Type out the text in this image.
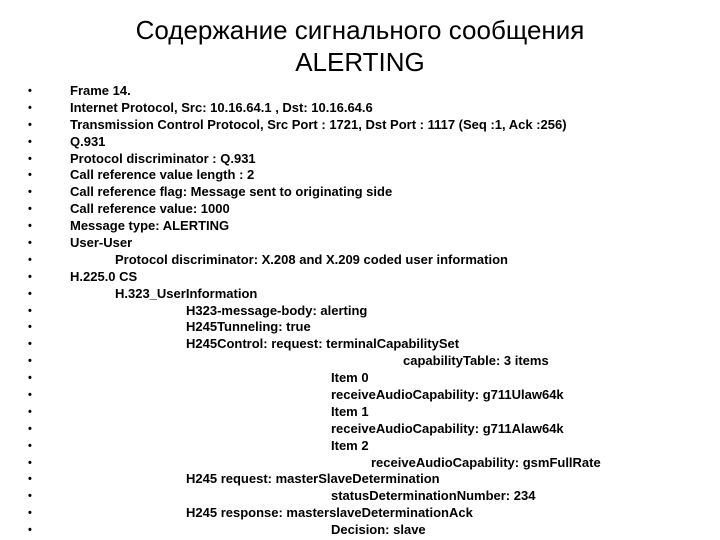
Содержание сигнального сообщения
ALERTING
•	Frame 14.
•	Internet Protocol, Src: 10.16.64.1 , Dst: 10.16.64.6
•	Transmission Control Protocol, Src Port : 1721, Dst Port : 1117 (Seq :1, Ack :256)
•	Q.931
•	Protocol discriminator : Q.931
•	Call reference value length : 2
•	Call reference flag: Message sent to originating side
•	Call reference value: 1000
•	Message type: ALERTING
•	User-User
•	Protocol discriminator: X.208 and X.209 coded user information
•	H.225.0 CS
•	H.323_UserInformation
•	H323-message-body: alerting
•	H245Tunneling: true
•	H245Control: request: terminalCapabilitySet
•	capabilityTable: 3 items
•	Item 0
•	receiveAudioCapability: g711Ulaw64k
•	Item 1
•	receiveAudioCapability: g711Alaw64k
•	Item 2
•	receiveAudioCapability: gsmFullRate
•	H245 request: masterSlaveDetermination
•	statusDeterminationNumber: 234
•	H245 response: masterslaveDeterminationAck
•	Decision: slave
